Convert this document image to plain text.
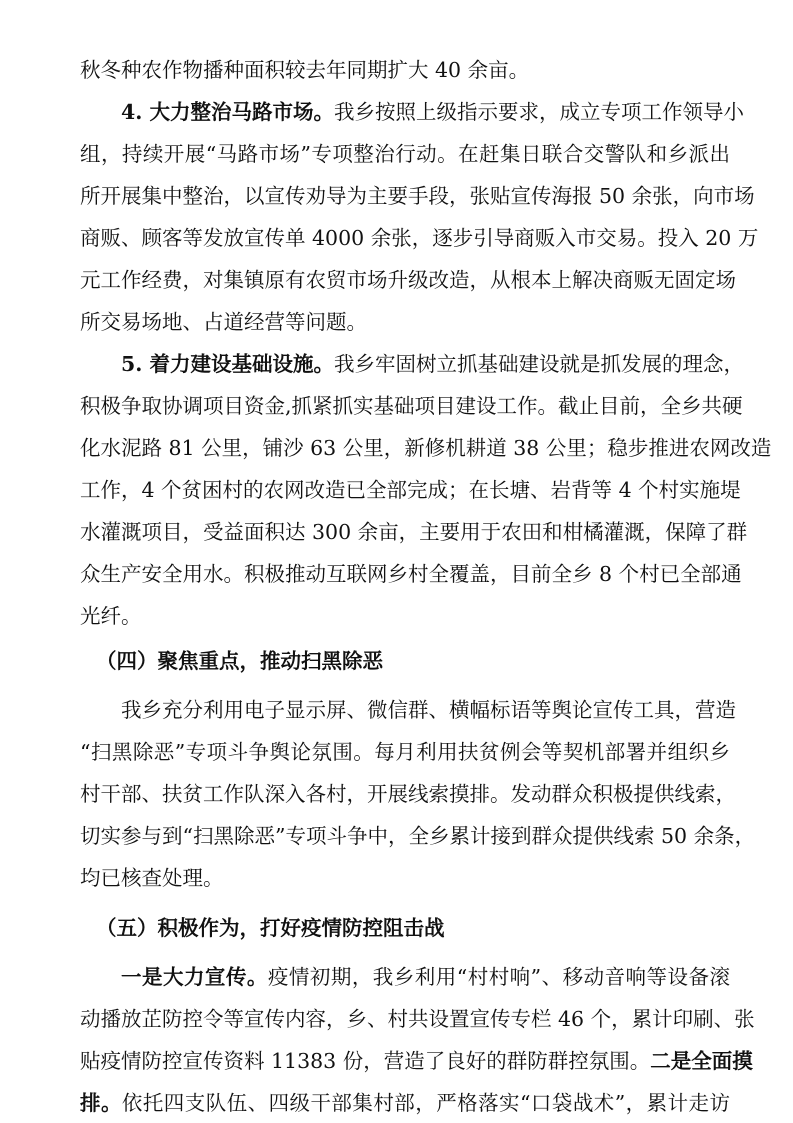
秋冬种农作物播种面积较去年同期扩大 40 余亩。
4. 大力整治马路市场。我乡按照上级指示要求，成立专项工作领导小
组，持续开展“马路市场”专项整治行动。在赶集日联合交警队和乡派出
所开展集中整治，以宣传劝导为主要手段，张贴宣传海报 50 余张，向市场
商贩、顾客等发放宣传单 4000 余张，逐步引导商贩入市交易。投入 20 万
元工作经费，对集镇原有农贸市场升级改造，从根本上解决商贩无固定场
所交易场地、占道经营等问题。
5. 着力建设基础设施。我乡牢固树立抓基础建设就是抓发展的理念，
积极争取协调项目资金,抓紧抓实基础项目建设工作。截止目前，全乡共硬
化水泥路 81 公里，铺沙 63 公里，新修机耕道 38 公里；稳步推进农网改造
工作，4 个贫困村的农网改造已全部完成；在长塘、岩背等 4 个村实施堤
水灌溉项目，受益面积达 300 余亩，主要用于农田和柑橘灌溉，保障了群
众生产安全用水。积极推动互联网乡村全覆盖，目前全乡 8 个村已全部通
光纤。
（四）聚焦重点，推动扫黑除恶
我乡充分利用电子显示屏、微信群、横幅标语等舆论宣传工具，营造
“扫黑除恶”专项斗争舆论氛围。每月利用扶贫例会等契机部署并组织乡
村干部、扶贫工作队深入各村，开展线索摸排。发动群众积极提供线索，
切实参与到“扫黑除恶”专项斗争中，全乡累计接到群众提供线索 50 余条，
均已核查处理。
（五）积极作为，打好疫情防控阻击战
一是大力宣传。疫情初期，我乡利用“村村响”、移动音响等设备滚
动播放芷防控令等宣传内容，乡、村共设置宣传专栏 46 个，累计印刷、张
贴疫情防控宣传资料 11383 份，营造了良好的群防群控氛围。二是全面摸
排。依托四支队伍、四级干部集村部，严格落实“口袋战术”，累计走访
